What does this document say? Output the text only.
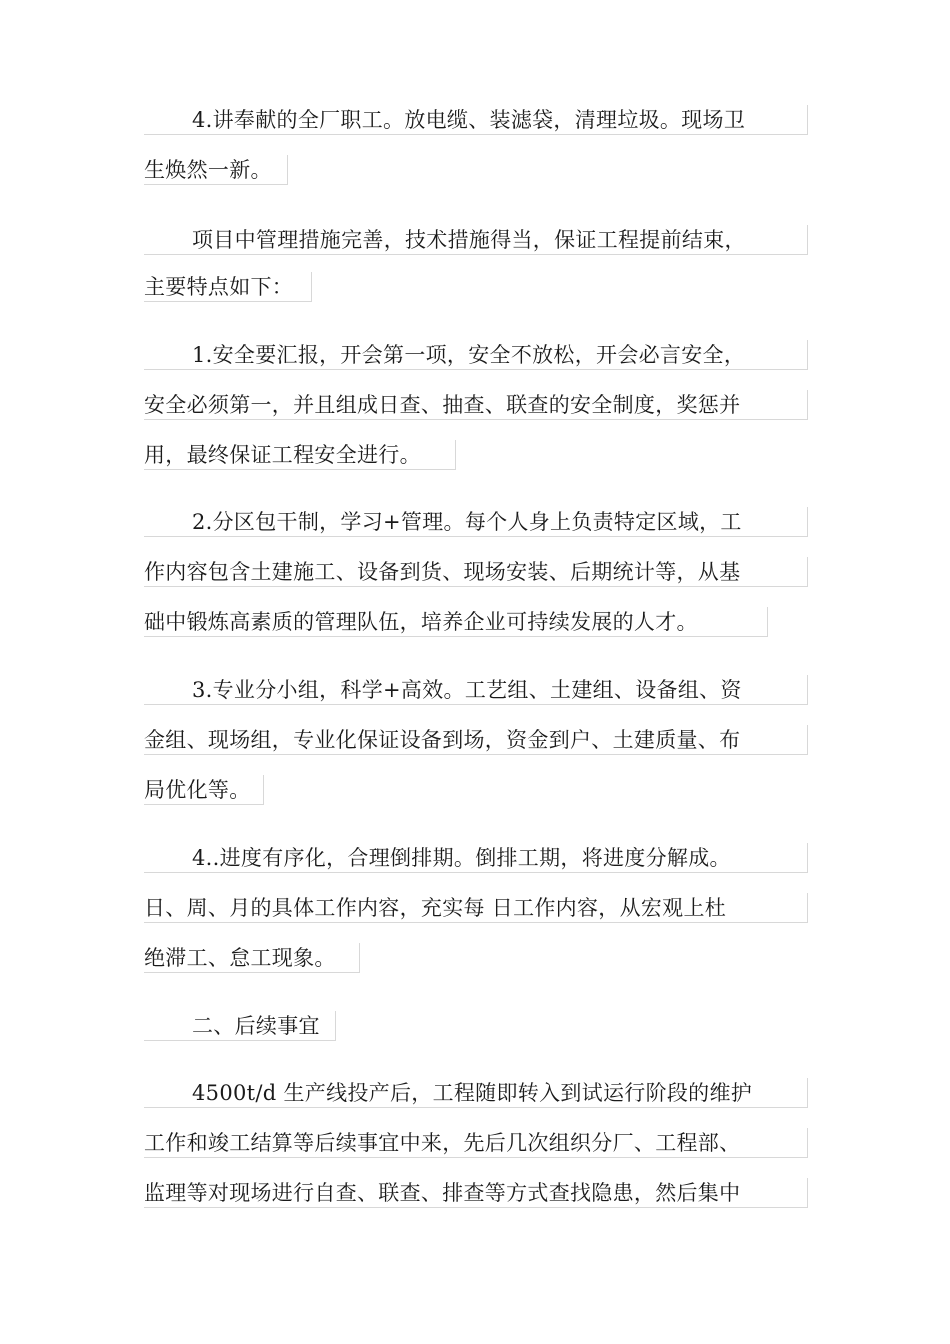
4.讲奉献的全厂职工。放电缆、装滤袋，清理垃圾。现场卫
生焕然一新。
项目中管理措施完善，技术措施得当，保证工程提前结束，
主要特点如下：
1.安全要汇报，开会第一项，安全不放松，开会必言安全，
安全必须第一，并且组成日查、抽查、联查的安全制度，奖惩并
用，最终保证工程安全进行。
2.分区包干制，学习+管理。每个人身上负责特定区域，工
作内容包含土建施工、设备到货、现场安装、后期统计等，从基
础中锻炼高素质的管理队伍，培养企业可持续发展的人才。
3.专业分小组，科学+高效。工艺组、土建组、设备组、资
金组、现场组，专业化保证设备到场，资金到户、土建质量、布
局优化等。
4..进度有序化，合理倒排期。倒排工期，将进度分解成。
日、周、月的具体工作内容，充实每 日工作内容，从宏观上杜
绝滞工、怠工现象。
二、后续事宜
4500t/d 生产线投产后，工程随即转入到试运行阶段的维护
工作和竣工结算等后续事宜中来，先后几次组织分厂、工程部、
监理等对现场进行自查、联查、排查等方式查找隐患，然后集中
